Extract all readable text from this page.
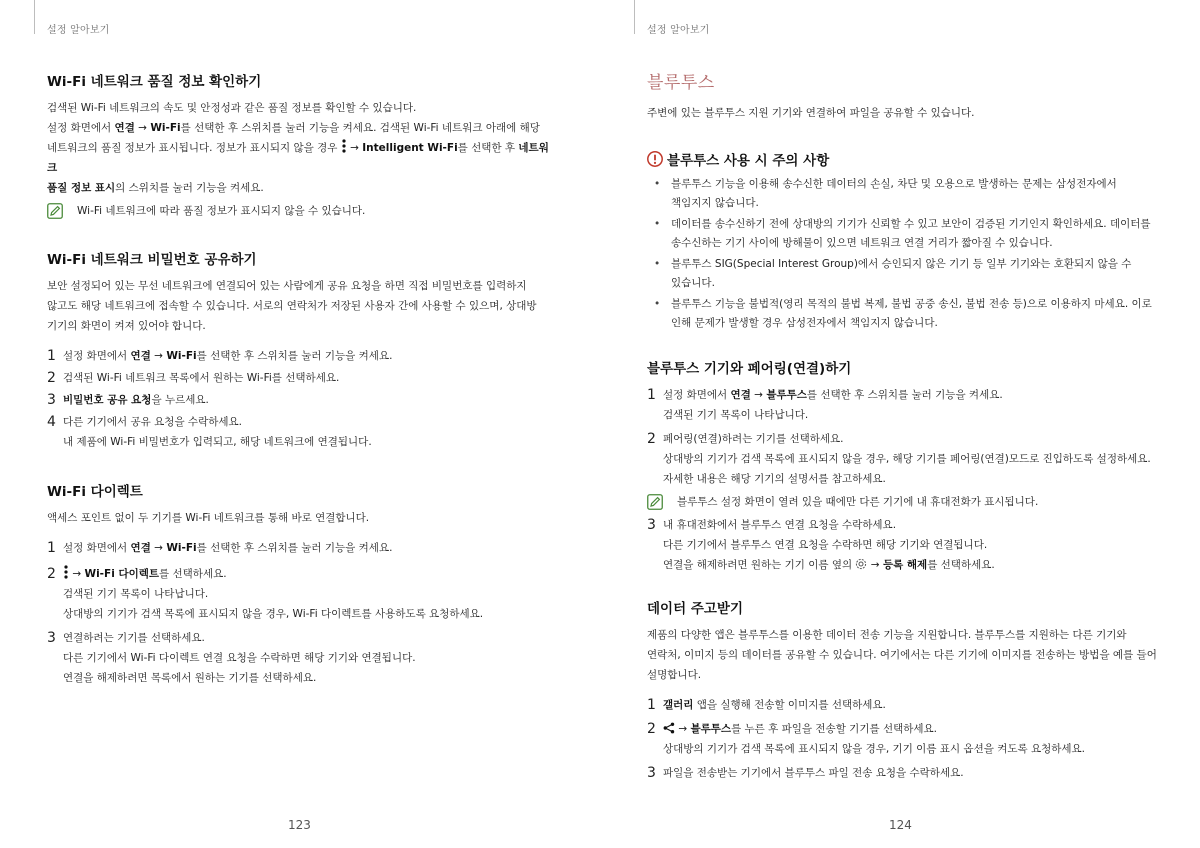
설정 알아보기
Wi-Fi 네트워크 품질 정보 확인하기

검색된 Wi-Fi 네트워크의 속도 및 안정성과 같은 품질 정보를 확인할 수 있습니다.

설정 화면에서 연결 → Wi-Fi를 선택한 후 스위치를 눌러 기능을 켜세요. 검색된 Wi-Fi 네트워크 아래에 해당

네트워크의 품질 정보가 표시됩니다. 정보가 표시되지 않을 경우  → Intelligent Wi-Fi를 선택한 후 네트워크

품질 정보 표시의 스위치를 눌러 기능을 켜세요.

Wi-Fi 네트워크에 따라 품질 정보가 표시되지 않을 수 있습니다.

Wi-Fi 네트워크 비밀번호 공유하기

보안 설정되어 있는 무선 네트워크에 연결되어 있는 사람에게 공유 요청을 하면 직접 비밀번호를 입력하지

않고도 해당 네트워크에 접속할 수 있습니다. 서로의 연락처가 저장된 사용자 간에 사용할 수 있으며, 상대방

기기의 화면이 켜져 있어야 합니다.

1 설정 화면에서 연결 → Wi-Fi를 선택한 후 스위치를 눌러 기능을 켜세요.

2 검색된 Wi-Fi 네트워크 목록에서 원하는 Wi-Fi를 선택하세요.

3 비밀번호 공유 요청을 누르세요.

4 다른 기기에서 공유 요청을 수락하세요.

내 제품에 Wi-Fi 비밀번호가 입력되고, 해당 네트워크에 연결됩니다.

Wi-Fi 다이렉트

액세스 포인트 없이 두 기기를 Wi-Fi 네트워크를 통해 바로 연결합니다.

1 설정 화면에서 연결 → Wi-Fi를 선택한 후 스위치를 눌러 기능을 켜세요.

2	→ Wi-Fi 다이렉트를 선택하세요.

검색된 기기 목록이 나타납니다.

상대방의 기기가 검색 목록에 표시되지 않을 경우, Wi-Fi 다이렉트를 사용하도록 요청하세요.

3 연결하려는 기기를 선택하세요.

다른 기기에서 Wi-Fi 다이렉트 연결 요청을 수락하면 해당 기기와 연결됩니다.

연결을 해제하려면 목록에서 원하는 기기를 선택하세요.

123
설정 알아보기
블루투스

주변에 있는 블루투스 지원 기기와 연결하여 파일을 공유할 수 있습니다.

블루투스 사용 시 주의 사항
• 블루투스 기능을 이용해 송수신한 데이터의 손실, 차단 및 오용으로 발생하는 문제는 삼성전자에서
책임지지 않습니다.
• 데이터를 송수신하기 전에 상대방의 기기가 신뢰할 수 있고 보안이 검증된 기기인지 확인하세요. 데이터를
송수신하는 기기 사이에 방해물이 있으면 네트워크 연결 거리가 짧아질 수 있습니다.
• 블루투스 SIG(Special Interest Group)에서 승인되지 않은 기기 등 일부 기기와는 호환되지 않을 수
있습니다.
• 블루투스 기능을 불법적(영리 목적의 불법 복제, 불법 공중 송신, 불법 전송 등)으로 이용하지 마세요. 이로
인해 문제가 발생할 경우 삼성전자에서 책임지지 않습니다.
블루투스 기기와 페어링(연결)하기
1 설정 화면에서 연결 → 블루투스를 선택한 후 스위치를 눌러 기능을 켜세요.

검색된 기기 목록이 나타납니다.

2 페어링(연결)하려는 기기를 선택하세요.

상대방의 기기가 검색 목록에 표시되지 않을 경우, 해당 기기를 페어링(연결)모드로 진입하도록 설정하세요.

자세한 내용은 해당 기기의 설명서를 참고하세요.

블루투스 설정 화면이 열려 있을 때에만 다른 기기에 내 휴대전화가 표시됩니다.

3 내 휴대전화에서 블루투스 연결 요청을 수락하세요.

다른 기기에서 블루투스 연결 요청을 수락하면 해당 기기와 연결됩니다.

연결을 해제하려면 원하는 기기 이름 옆의  → 등록 해제를 선택하세요.

데이터 주고받기

제품의 다양한 앱은 블루투스를 이용한 데이터 전송 기능을 지원합니다. 블루투스를 지원하는 다른 기기와

연락처, 이미지 등의 데이터를 공유할 수 있습니다. 여기에서는 다른 기기에 이미지를 전송하는 방법을 예를 들어

설명합니다.

1 갤러리 앱을 실행해 전송할 이미지를 선택하세요.

2	→ 블루투스를 누른 후 파일을 전송할 기기를 선택하세요.

상대방의 기기가 검색 목록에 표시되지 않을 경우, 기기 이름 표시 옵션을 켜도록 요청하세요.

3 파일을 전송받는 기기에서 블루투스 파일 전송 요청을 수락하세요.

124
